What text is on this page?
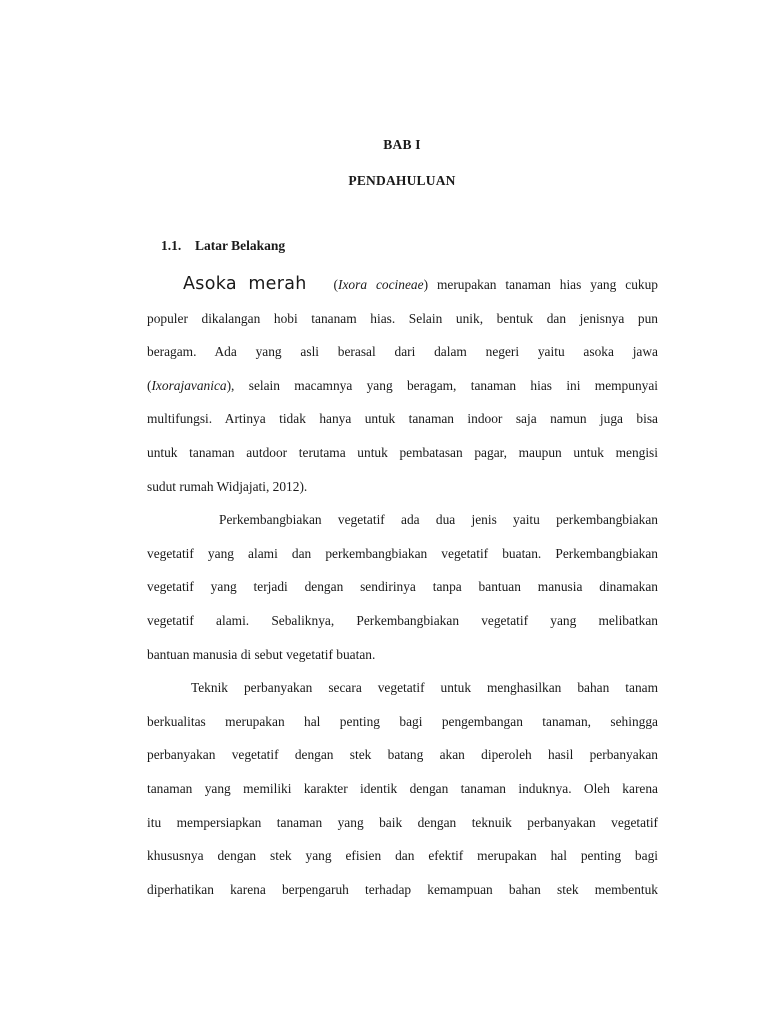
BAB I
PENDAHULUAN
1.1. Latar Belakang
Asoka merah (Ixora cocineae) merupakan tanaman hias yang cukup
populer dikalangan hobi tananam hias. Selain unik, bentuk dan jenisnya pun
beragam. Ada yang asli berasal dari dalam negeri yaitu asoka jawa
(Ixorajavanica), selain macamnya yang beragam, tanaman hias ini mempunyai
multifungsi. Artinya tidak hanya untuk tanaman indoor saja namun juga bisa
untuk tanaman autdoor terutama untuk pembatasan pagar, maupun untuk mengisi
sudut rumah Widjajati, 2012).
Perkembangbiakan vegetatif ada dua jenis yaitu perkembangbiakan
vegetatif yang alami dan perkembangbiakan vegetatif buatan. Perkembangbiakan
vegetatif yang terjadi dengan sendirinya tanpa bantuan manusia dinamakan
vegetatif alami. Sebaliknya, Perkembangbiakan vegetatif yang melibatkan
bantuan manusia di sebut vegetatif buatan.
Teknik perbanyakan secara vegetatif untuk menghasilkan bahan tanam
berkualitas merupakan hal penting bagi pengembangan tanaman, sehingga
perbanyakan vegetatif dengan stek batang akan diperoleh hasil perbanyakan
tanaman yang memiliki karakter identik dengan tanaman induknya. Oleh karena
itu mempersiapkan tanaman yang baik dengan teknuik perbanyakan vegetatif
khususnya dengan stek yang efisien dan efektif merupakan hal penting bagi
diperhatikan karena berpengaruh terhadap kemampuan bahan stek membentuk
